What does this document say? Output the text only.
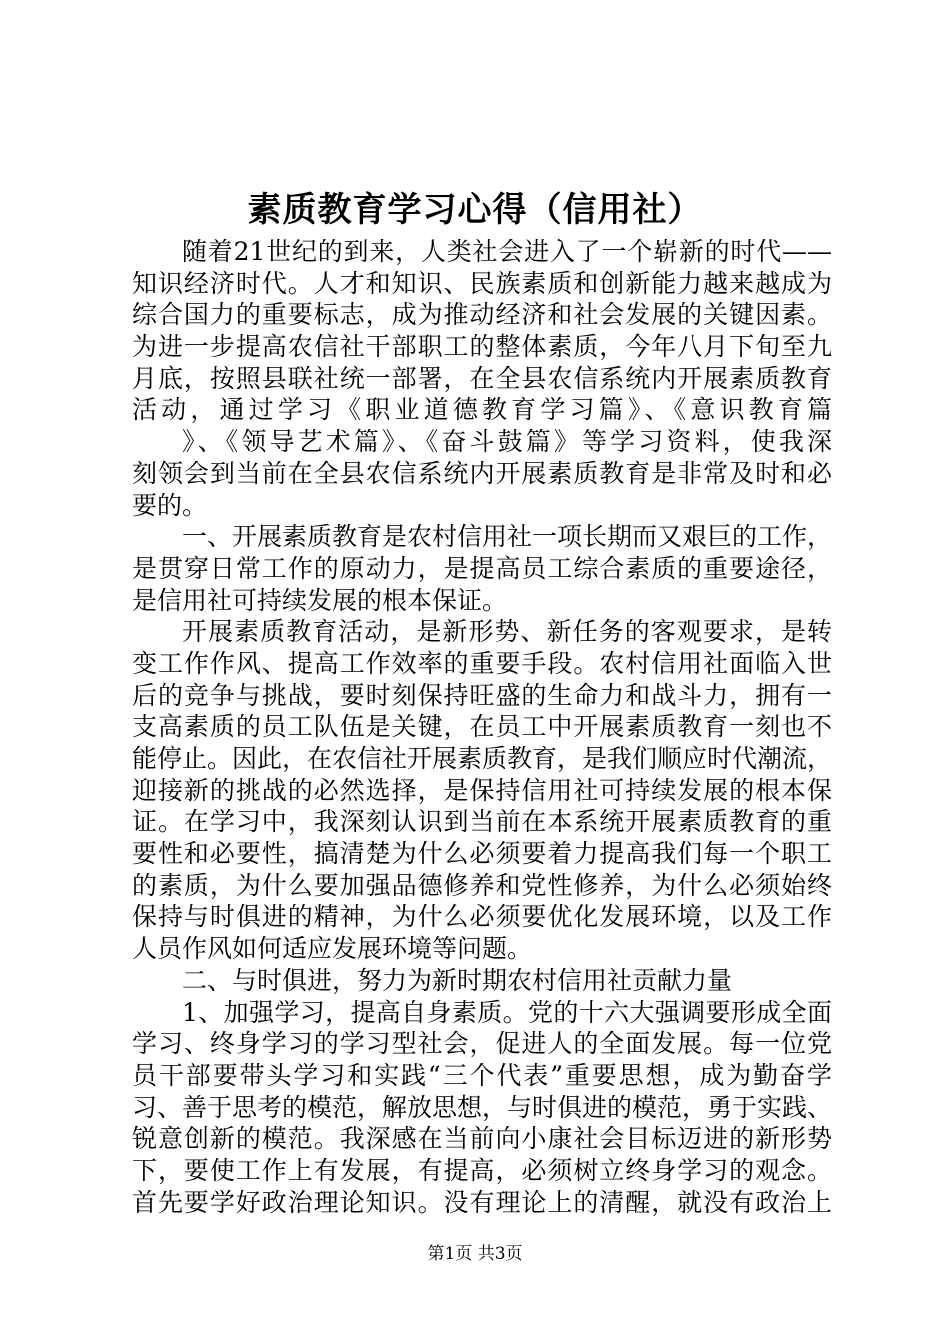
素质教育学习心得（信用社）
随着21世纪的到来，人类社会进入了一个崭新的时代——
知识经济时代。人才和知识、民族素质和创新能力越来越成为
综合国力的重要标志，成为推动经济和社会发展的关键因素。
为进一步提高农信社干部职工的整体素质，今年八月下旬至九
月底，按照县联社统一部署，在全县农信系统内开展素质教育
活动，通过学习《职业道德教育学习篇》、《意识教育篇
》、《领导艺术篇》、《奋斗鼓篇》等学习资料，使我深
刻领会到当前在全县农信系统内开展素质教育是非常及时和必
要的。
一、开展素质教育是农村信用社一项长期而又艰巨的工作，
是贯穿日常工作的原动力，是提高员工综合素质的重要途径，
是信用社可持续发展的根本保证。
开展素质教育活动，是新形势、新任务的客观要求，是转
变工作作风、提高工作效率的重要手段。农村信用社面临入世
后的竞争与挑战，要时刻保持旺盛的生命力和战斗力，拥有一
支高素质的员工队伍是关键，在员工中开展素质教育一刻也不
能停止。因此，在农信社开展素质教育，是我们顺应时代潮流，
迎接新的挑战的必然选择，是保持信用社可持续发展的根本保
证。在学习中，我深刻认识到当前在本系统开展素质教育的重
要性和必要性，搞清楚为什么必须要着力提高我们每一个职工
的素质，为什么要加强品德修养和党性修养，为什么必须始终
保持与时俱进的精神，为什么必须要优化发展环境，以及工作
人员作风如何适应发展环境等问题。
二、与时俱进，努力为新时期农村信用社贡献力量
1、加强学习，提高自身素质。党的十六大强调要形成全面
学习、终身学习的学习型社会，促进人的全面发展。每一位党
员干部要带头学习和实践“三个代表”重要思想，成为勤奋学
习、善于思考的模范，解放思想，与时俱进的模范，勇于实践、
锐意创新的模范。我深感在当前向小康社会目标迈进的新形势
下，要使工作上有发展，有提高，必须树立终身学习的观念。
首先要学好政治理论知识。没有理论上的清醒，就没有政治上
第1页 共3页
